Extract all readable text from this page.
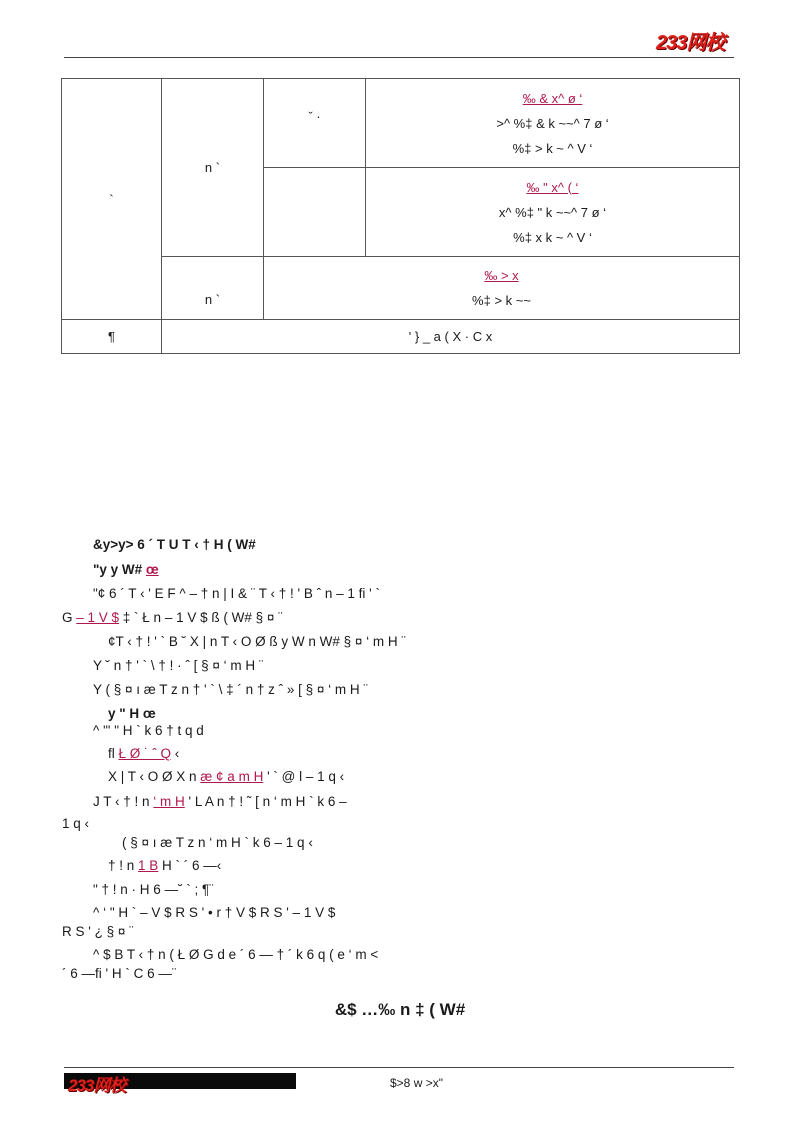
233网校
`	n `	ˇ ·	‰ & x^ ø ‘
>^ %‡ & k ~~^ 7 ø ‘
%‡ > k ~ ^ V ‘

			‰ " x^ ( ‘
x^ %‡ " k ~~^ 7 ø ‘
%‡ x k ~ ^ V ‘

	n `	‰ > x
%‡ > k ~~	

¶	' } _ a ( X · C x		
&y>y> 6 ´ T U T ‹ † H ( W#
"y y W# œ
"¢ 6 ´ T ‹ ' E F ^ – † n | I & ¨ T ‹ † ! ' B ˆ n – 1 fi ' `
G – 1 V $ ‡ ` Ł n – 1 V $ ß ( W# § ¤ ¨
¢T ‹ † ! ' ` B ˘ X | n T ‹ O Ø ß y W n W# § ¤ ‘ m H ¨
Y ˘ n † ' ` \ † ! · ˆ [ § ¤ ‘ m H ¨
Y ( § ¤ ı æ T z n † ' ` \ ‡ ´ n † z ˆ » [ § ¤ ‘ m H ¨
y " H œ
^ "' " H ` k 6 † t q d
fl Ł Ø ˙ ˆ Q ‹
X | T ‹ O Ø X n æ ¢ a m H ' ` @ l – 1 q ‹
J T ‹ † ! n ‘ m H ' L A n † ! ˜ [ n ‘ m H ` k 6 –
1 q ‹
( § ¤ ı æ T z n ‘ m H ` k 6 – 1 q ‹
† ! n 1 B H ` ´ 6 —‹
" † ! n · H 6 —˘ ` ; ¶¨
^ ‘ " H ` – V $ R S ' • r † V $ R S ' – 1 V $
R S ' ¿ § ¤ ¨
^ $ B T ‹ † n ( Ł Ø G d e ´ 6 — † ´ k 6 q ( e ‘ m <
´ 6 —fi ' H ` C 6 —¨
&$ …‰ n ‡ ( W#
233网校	$>8 w >x"
